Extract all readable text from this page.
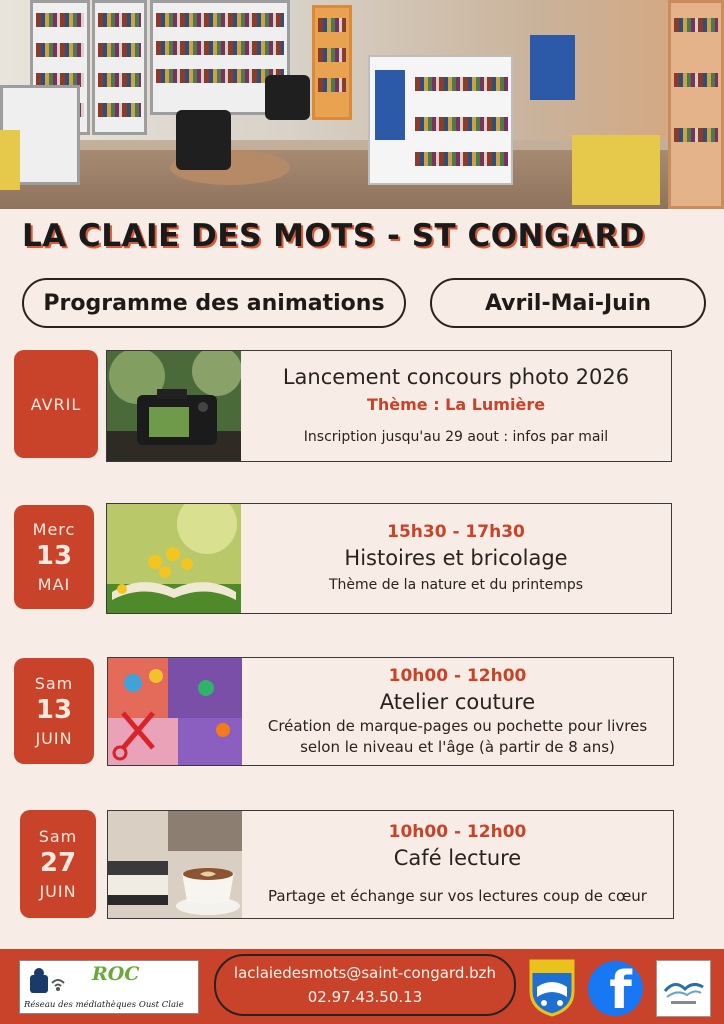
LA CLAIE DES MOTS - ST CONGARD
Programme des animations	Avril-Mai-Juin
AVRIL
Lancement concours photo 2026
Thème : La Lumière
Inscription jusqu'au 29 aout : infos par mail
Merc
13
MAI
15h30 - 17h30
Histoires et bricolage
Thème de la nature et du printemps
Sam
13
JUIN
10h00 - 12h00
Atelier couture
Création de marque-pages ou pochette pour livres
selon le niveau et l'âge (à partir de 8 ans)
Sam
27
JUIN
10h00 - 12h00
Café lecture
Partage et échange sur vos lectures coup de cœur
ROC
Réseau des médiathèques Oust Claie
laclaiedesmots@saint-congard.bzh
02.97.43.50.13	f
